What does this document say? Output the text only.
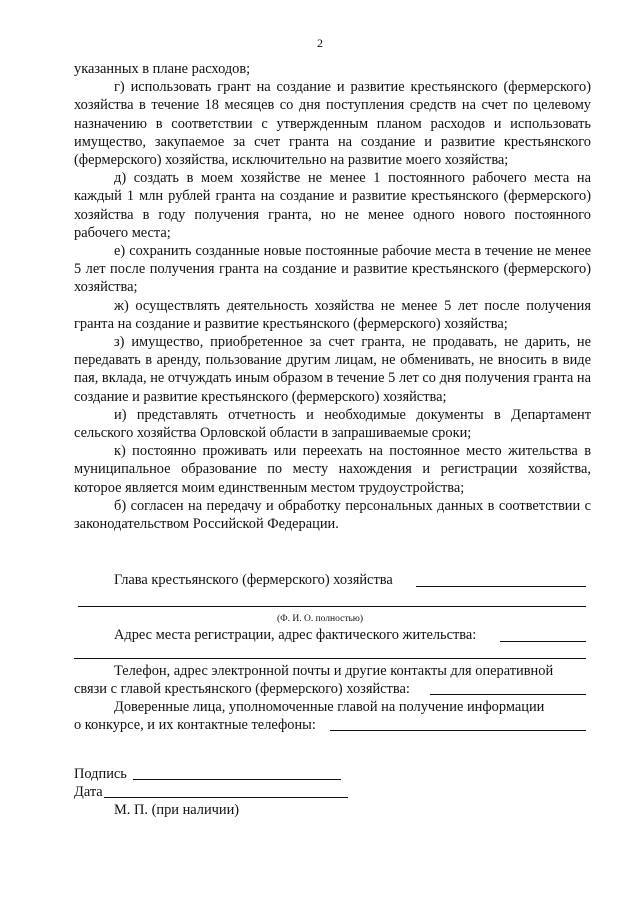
2

указанных в плане расходов;

г) использовать грант на создание и развитие крестьянского (фермерского) хозяйства в течение 18 месяцев со дня поступления средств на счет по целевому назначению в соответствии с утвержденным планом расходов и использовать имущество, закупаемое за счет гранта на создание и развитие крестьянского (фермерского) хозяйства, исключительно на развитие моего хозяйства;

д) создать в моем хозяйстве не менее 1 постоянного рабочего места на каждый 1 млн рублей гранта на создание и развитие крестьянского (фермерского) хозяйства в году получения гранта, но не менее одного нового постоянного рабочего места;

е) сохранить созданные новые постоянные рабочие места в течение не менее 5 лет после получения гранта на создание и развитие крестьянского (фермерского) хозяйства;

ж) осуществлять деятельность хозяйства не менее 5 лет после получения гранта на создание и развитие крестьянского (фермерского) хозяйства;

з) имущество, приобретенное за счет гранта, не продавать, не дарить, не передавать в аренду, пользование другим лицам, не обменивать, не вносить в виде пая, вклада, не отчуждать иным образом в течение 5 лет со дня получения гранта на создание и развитие крестьянского (фермерского) хозяйства;

и) представлять отчетность и необходимые документы в Департамент сельского хозяйства Орловской области в запрашиваемые сроки;

к) постоянно проживать или переехать на постоянное место жительства в муниципальное образование по месту нахождения и регистрации хозяйства, которое является моим единственным местом трудоустройства;

б) согласен на передачу и обработку персональных данных в соответствии с законодательством Российской Федерации.

Глава крестьянского (фермерского) хозяйства
(Ф. И. О. полностью)
Адрес места регистрации, адрес фактического жительства:
Телефон, адрес электронной почты и другие контакты для оперативной
связи с главой крестьянского (фермерского) хозяйства:
Доверенные лица, уполномоченные главой на получение информации
о конкурсе, и их контактные телефоны:
Подпись
Дата
М. П. (при наличии)
